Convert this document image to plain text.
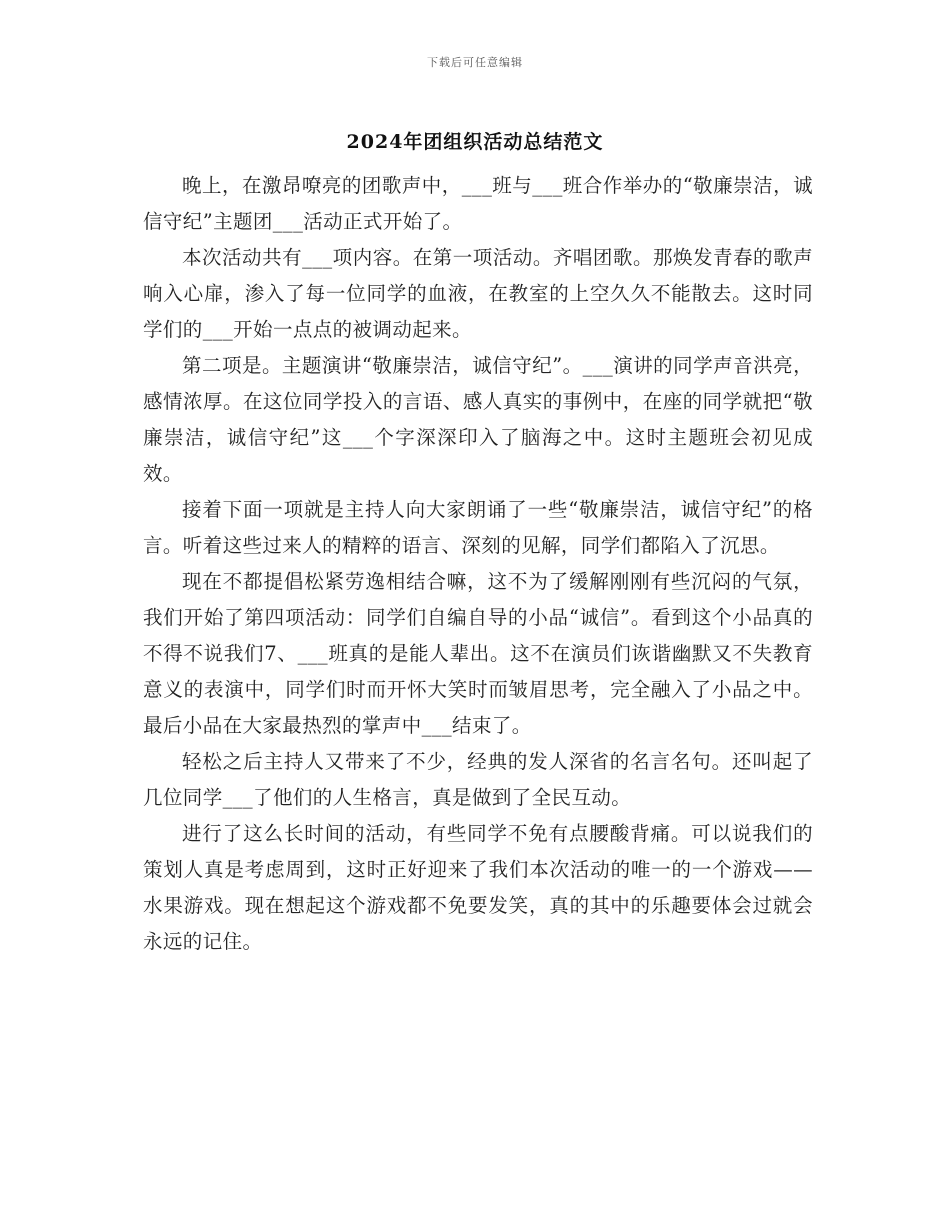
下载后可任意编辑
2024年团组织活动总结范文

晚上，在激昂嘹亮的团歌声中，___班与___班合作举办的“敬廉崇洁，诚信守纪”主题团___活动正式开始了。

本次活动共有___项内容。在第一项活动。齐唱团歌。那焕发青春的歌声响入心扉，渗入了每一位同学的血液，在教室的上空久久不能散去。这时同学们的___开始一点点的被调动起来。

第二项是。主题演讲“敬廉崇洁，诚信守纪”。___演讲的同学声音洪亮，感情浓厚。在这位同学投入的言语、感人真实的事例中，在座的同学就把“敬廉崇洁，诚信守纪”这___个字深深印入了脑海之中。这时主题班会初见成效。

接着下面一项就是主持人向大家朗诵了一些“敬廉崇洁，诚信守纪”的格言。听着这些过来人的精粹的语言、深刻的见解，同学们都陷入了沉思。

现在不都提倡松紧劳逸相结合嘛，这不为了缓解刚刚有些沉闷的气氛，我们开始了第四项活动：同学们自编自导的小品“诚信”。看到这个小品真的不得不说我们7、___班真的是能人辈出。这不在演员们诙谐幽默又不失教育意义的表演中，同学们时而开怀大笑时而皱眉思考，完全融入了小品之中。最后小品在大家最热烈的掌声中___结束了。

轻松之后主持人又带来了不少，经典的发人深省的名言名句。还叫起了几位同学___了他们的人生格言，真是做到了全民互动。

进行了这么长时间的活动，有些同学不免有点腰酸背痛。可以说我们的策划人真是考虑周到，这时正好迎来了我们本次活动的唯一的一个游戏——水果游戏。现在想起这个游戏都不免要发笑，真的其中的乐趣要体会过就会永远的记住。
